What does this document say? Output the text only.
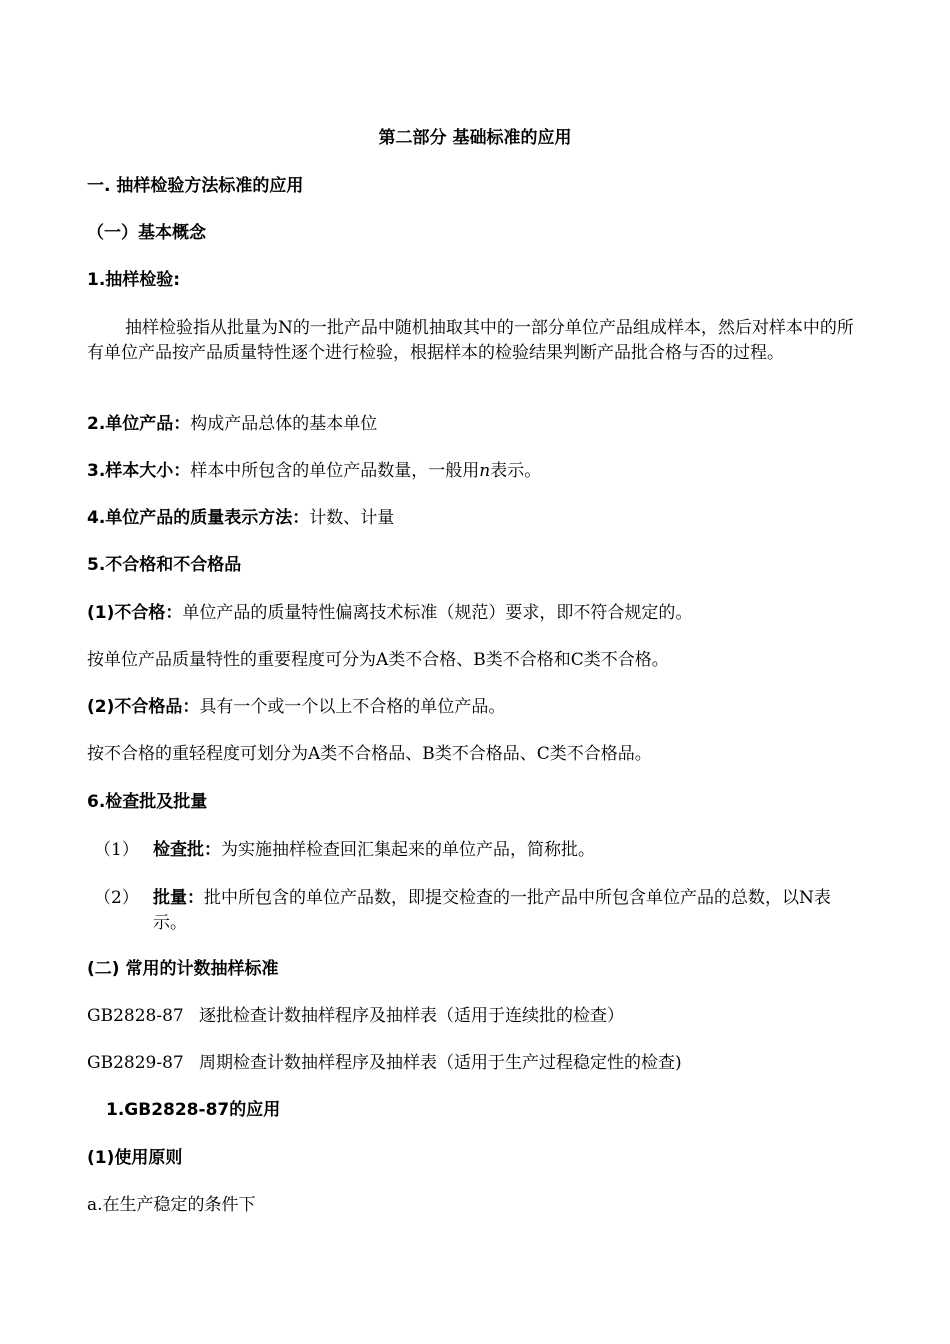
第二部分 基础标准的应用
一. 抽样检验方法标准的应用
（一）基本概念
1.抽样检验:
抽样检验指从批量为N的一批产品中随机抽取其中的一部分单位产品组成样本，然后对样本中的所有单位产品按产品质量特性逐个进行检验，根据样本的检验结果判断产品批合格与否的过程。
2.单位产品：构成产品总体的基本单位
3.样本大小：样本中所包含的单位产品数量，一般用n表示。
4.单位产品的质量表示方法：计数、计量
5.不合格和不合格品
(1)不合格：单位产品的质量特性偏离技术标准（规范）要求，即不符合规定的。
按单位产品质量特性的重要程度可分为A类不合格、B类不合格和C类不合格。
(2)不合格品：具有一个或一个以上不合格的单位产品。
按不合格的重轻程度可划分为A类不合格品、B类不合格品、C类不合格品。
6.检查批及批量
（1） 检查批：为实施抽样检查回汇集起来的单位产品，简称批。
（2） 批量：批中所包含的单位产品数，即提交检查的一批产品中所包含单位产品的总数，以N表示。
(二) 常用的计数抽样标准
GB2828-87 逐批检查计数抽样程序及抽样表（适用于连续批的检查）
GB2829-87 周期检查计数抽样程序及抽样表（适用于生产过程稳定性的检查)
1.GB2828-87的应用
(1)使用原则
a.在生产稳定的条件下
